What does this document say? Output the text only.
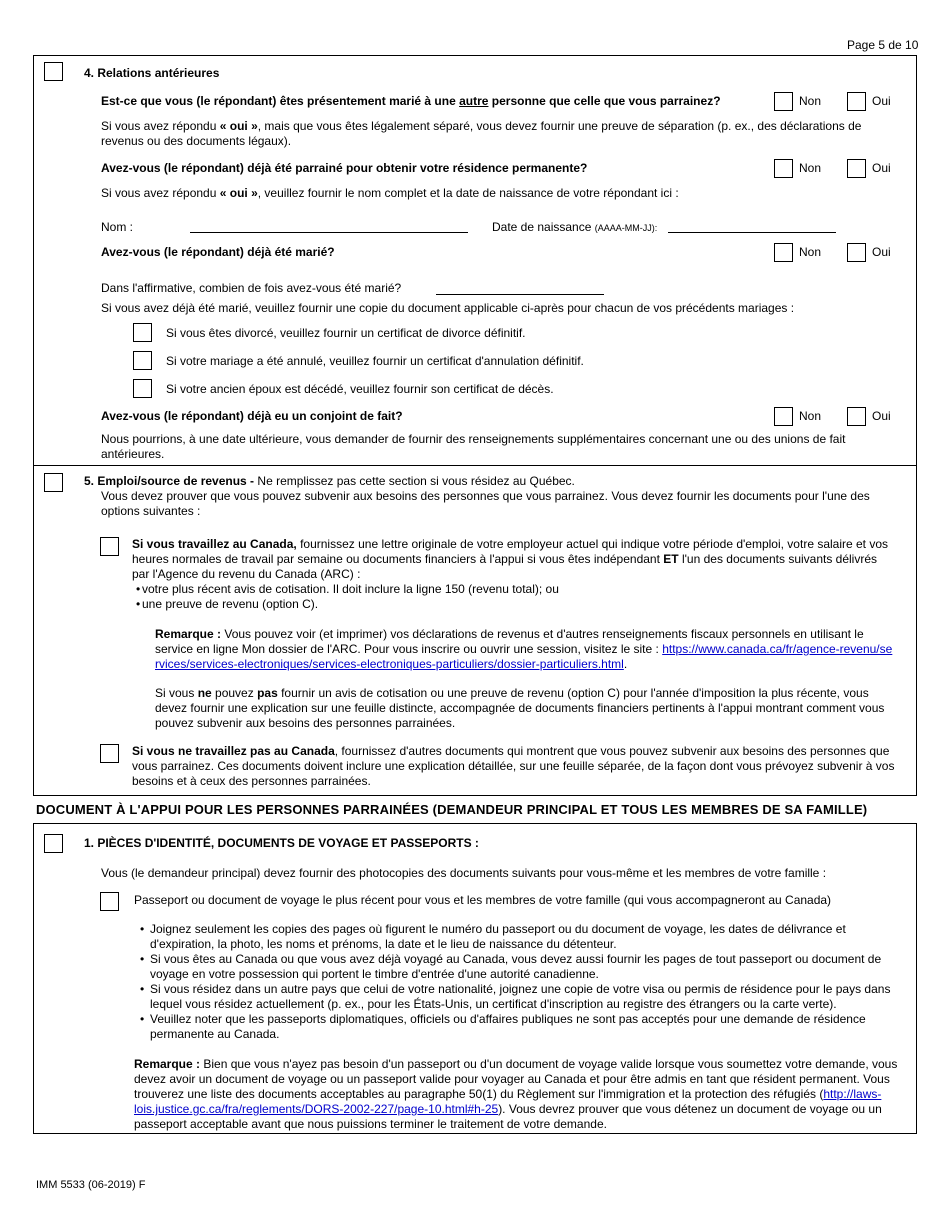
Page 5 de 10
4. Relations antérieures
Est-ce que vous (le répondant) êtes présentement marié à une autre personne que celle que vous parrainez?	Non	Oui
Si vous avez répondu « oui », mais que vous êtes légalement séparé, vous devez fournir une preuve de séparation (p. ex., des déclarations de revenus ou des documents légaux).
Avez-vous (le répondant) déjà été parrainé pour obtenir votre résidence permanente?	Non	Oui
Si vous avez répondu « oui », veuillez fournir le nom complet et la date de naissance de votre répondant ici :
Nom :	Date de naissance (AAAA-MM-JJ):
Avez-vous (le répondant) déjà été marié?	Non	Oui
Dans l'affirmative, combien de fois avez-vous été marié?
Si vous avez déjà été marié, veuillez fournir une copie du document applicable ci-après pour chacun de vos précédents mariages :
Si vous êtes divorcé, veuillez fournir un certificat de divorce définitif.
Si votre mariage a été annulé, veuillez fournir un certificat d'annulation définitif.
Si votre ancien époux est décédé, veuillez fournir son certificat de décès.
Avez-vous (le répondant) déjà eu un conjoint de fait?	Non	Oui
Nous pourrions, à une date ultérieure, vous demander de fournir des renseignements supplémentaires concernant une ou des unions de fait antérieures.
5. Emploi/source de revenus - Ne remplissez pas cette section si vous résidez au Québec.
Vous devez prouver que vous pouvez subvenir aux besoins des personnes que vous parrainez. Vous devez fournir les documents pour l'une des options suivantes :
Si vous travaillez au Canada, fournissez une lettre originale de votre employeur actuel qui indique votre période d'emploi, votre salaire et vos heures normales de travail par semaine ou documents financiers à l'appui si vous êtes indépendant ET l'un des documents suivants délivrés par l'Agence du revenu du Canada (ARC) :
• votre plus récent avis de cotisation. Il doit inclure la ligne 150 (revenu total); ou
• une preuve de revenu (option C).
Remarque : Vous pouvez voir (et imprimer) vos déclarations de revenus et d'autres renseignements fiscaux personnels en utilisant le service en ligne Mon dossier de l'ARC. Pour vous inscrire ou ouvrir une session, visitez le site : https://www.canada.ca/fr/agence-revenu/services/services-electroniques/services-electroniques-particuliers/dossier-particuliers.html.
Si vous ne pouvez pas fournir un avis de cotisation ou une preuve de revenu (option C) pour l'année d'imposition la plus récente, vous devez fournir une explication sur une feuille distincte, accompagnée de documents financiers pertinents à l'appui montrant comment vous pouvez subvenir aux besoins des personnes parrainées.
Si vous ne travaillez pas au Canada, fournissez d'autres documents qui montrent que vous pouvez subvenir aux besoins des personnes que vous parrainez. Ces documents doivent inclure une explication détaillée, sur une feuille séparée, de la façon dont vous prévoyez subvenir à vos besoins et à ceux des personnes parrainées.
DOCUMENT À L'APPUI POUR LES PERSONNES PARRAINÉES (DEMANDEUR PRINCIPAL ET TOUS LES MEMBRES DE SA FAMILLE)
1. PIÈCES D'IDENTITÉ, DOCUMENTS DE VOYAGE ET PASSEPORTS :
Vous (le demandeur principal) devez fournir des photocopies des documents suivants pour vous-même et les membres de votre famille :
Passeport ou document de voyage le plus récent pour vous et les membres de votre famille (qui vous accompagneront au Canada)
• Joignez seulement les copies des pages où figurent le numéro du passeport ou du document de voyage, les dates de délivrance et d'expiration, la photo, les noms et prénoms, la date et le lieu de naissance du détenteur.
• Si vous êtes au Canada ou que vous avez déjà voyagé au Canada, vous devez aussi fournir les pages de tout passeport ou document de voyage en votre possession qui portent le timbre d'entrée d'une autorité canadienne.
• Si vous résidez dans un autre pays que celui de votre nationalité, joignez une copie de votre visa ou permis de résidence pour le pays dans lequel vous résidez actuellement (p. ex., pour les États-Unis, un certificat d'inscription au registre des étrangers ou la carte verte).
• Veuillez noter que les passeports diplomatiques, officiels ou d'affaires publiques ne sont pas acceptés pour une demande de résidence permanente au Canada.
Remarque : Bien que vous n'ayez pas besoin d'un passeport ou d'un document de voyage valide lorsque vous soumettez votre demande, vous devez avoir un document de voyage ou un passeport valide pour voyager au Canada et pour être admis en tant que résident permanent. Vous trouverez une liste des documents acceptables au paragraphe 50(1) du Règlement sur l'immigration et la protection des réfugiés (http://laws-lois.justice.gc.ca/fra/reglements/DORS-2002-227/page-10.html#h-25). Vous devrez prouver que vous détenez un document de voyage ou un passeport acceptable avant que nous puissions terminer le traitement de votre demande.
IMM 5533 (06-2019) F
